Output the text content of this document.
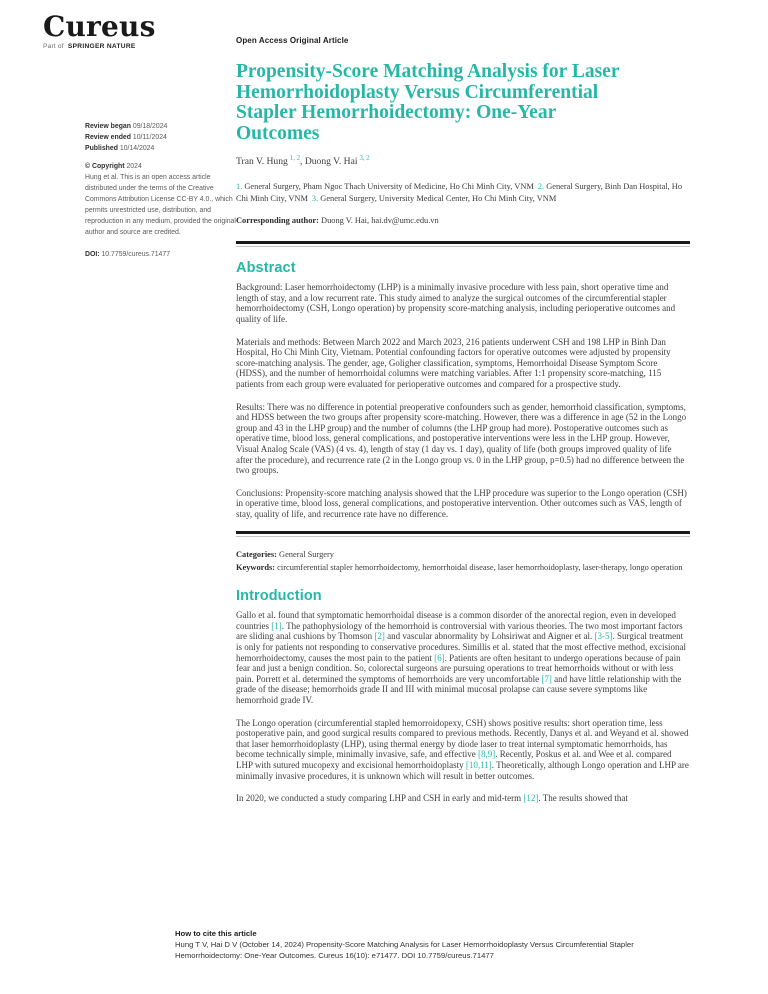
Cureus
Part of SPRINGER NATURE
Review began 09/18/2024
Review ended 10/11/2024
Published 10/14/2024
© Copyright 2024
Hung et al. This is an open access article distributed under the terms of the Creative Commons Attribution License CC-BY 4.0., which permits unrestricted use, distribution, and reproduction in any medium, provided the original author and source are credited.
DOI: 10.7759/cureus.71477
Open Access Original Article
Propensity-Score Matching Analysis for Laser Hemorrhoidoplasty Versus Circumferential Stapler Hemorrhoidectomy: One-Year Outcomes
Tran V. Hung $^{1, 2}$, Duong V. Hai $^{3, 2}$

1. General Surgery, Pham Ngoc Thach University of Medicine, Ho Chi Minh City, VNM 2. General Surgery, Binh Dan Hospital, Ho Chi Minh City, VNM 3. General Surgery, University Medical Center, Ho Chi Minh City, VNM

Corresponding author: Duong V. Hai, hai.dv@umc.edu.vn

Abstract

Background: Laser hemorrhoidectomy (LHP) is a minimally invasive procedure with less pain, short operative time and length of stay, and a low recurrent rate. This study aimed to analyze the surgical outcomes of the circumferential stapler hemorrhoidectomy (CSH, Longo operation) by propensity score-matching analysis, including perioperative outcomes and quality of life.

Materials and methods: Between March 2022 and March 2023, 216 patients underwent CSH and 198 LHP in Binh Dan Hospital, Ho Chi Minh City, Vietnam. Potential confounding factors for operative outcomes were adjusted by propensity score-matching analysis. The gender, age, Goligher classification, symptoms, Hemorrhoidal Disease Symptom Score (HDSS), and the number of hemorrhoidal columns were matching variables. After 1:1 propensity score-matching, 115 patients from each group were evaluated for perioperative outcomes and compared for a prospective study.

Results: There was no difference in potential preoperative confounders such as gender, hemorrhoid classification, symptoms, and HDSS between the two groups after propensity score-matching. However, there was a difference in age (52 in the Longo group and 43 in the LHP group) and the number of columns (the LHP group had more). Postoperative outcomes such as operative time, blood loss, general complications, and postoperative interventions were less in the LHP group. However, Visual Analog Scale (VAS) (4 vs. 4), length of stay (1 day vs. 1 day), quality of life (both groups improved quality of life after the procedure), and recurrence rate (2 in the Longo group vs. 0 in the LHP group, p=0.5) had no difference between the two groups.

Conclusions: Propensity-score matching analysis showed that the LHP procedure was superior to the Longo operation (CSH) in operative time, blood loss, general complications, and postoperative intervention. Other outcomes such as VAS, length of stay, quality of life, and recurrence rate have no difference.

Categories: General Surgery

Keywords: circumferential stapler hemorrhoidectomy, hemorrhoidal disease, laser hemorrhoidoplasty, laser-therapy, longo operation

Introduction

Gallo et al. found that symptomatic hemorrhoidal disease is a common disorder of the anorectal region, even in developed countries [1]. The pathophysiology of the hemorrhoid is controversial with various theories. The two most important factors are sliding anal cushions by Thomson [2] and vascular abnormality by Lohsiriwat and Aigner et al. [3-5]. Surgical treatment is only for patients not responding to conservative procedures. Simillis et al. stated that the most effective method, excisional hemorrhoidectomy, causes the most pain to the patient [6]. Patients are often hesitant to undergo operations because of pain fear and just a benign condition. So, colorectal surgeons are pursuing operations to treat hemorrhoids without or with less pain. Porrett et al. determined the symptoms of hemorrhoids are very uncomfortable [7] and have little relationship with the grade of the disease; hemorrhoids grade II and III with minimal mucosal prolapse can cause severe symptoms like hemorrhoid grade IV.

The Longo operation (circumferential stapled hemorroidopexy, CSH) shows positive results: short operation time, less postoperative pain, and good surgical results compared to previous methods. Recently, Danys et al. and Weyand et al. showed that laser hemorrhoidoplasty (LHP), using thermal energy by diode laser to treat internal symptomatic hemorrhoids, has become technically simple, minimally invasive, safe, and effective [8,9]. Recently, Poskus et al. and Wee et al. compared LHP with sutured mucopexy and excisional hemorrhoidoplasty [10,11]. Theoretically, although Longo operation and LHP are minimally invasive procedures, it is unknown which will result in better outcomes.

In 2020, we conducted a study comparing LHP and CSH in early and mid-term [12]. The results showed that

How to cite this article
Hung T V, Hai D V (October 14, 2024) Propensity-Score Matching Analysis for Laser Hemorrhoidoplasty Versus Circumferential Stapler Hemorrhoidectomy: One-Year Outcomes. Cureus 16(10): e71477. DOI 10.7759/cureus.71477
